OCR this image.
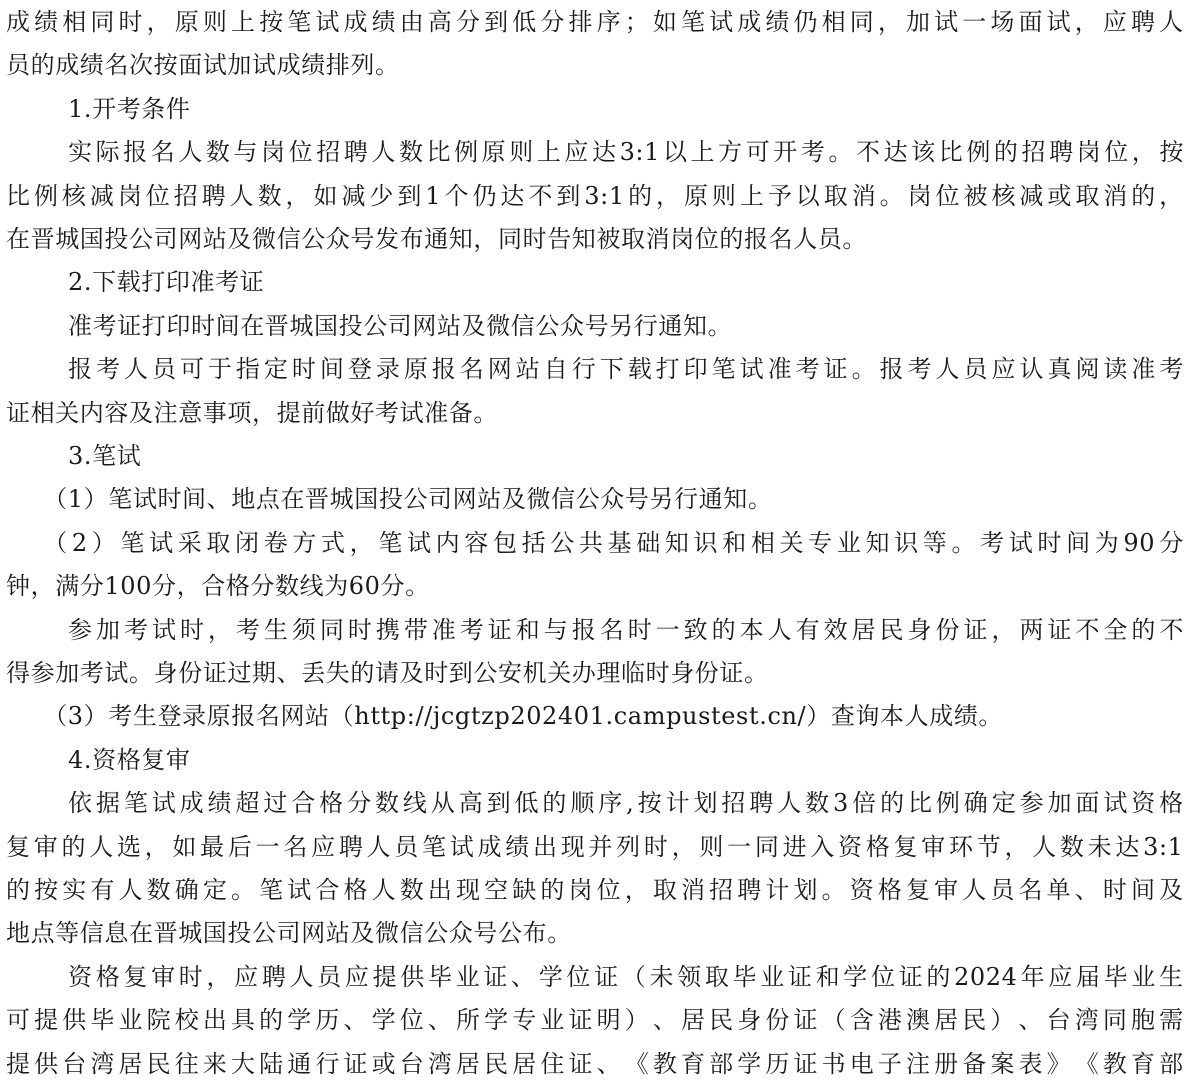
成 绩 相 同 时 ， 原 则 上 按 笔 试 成 绩 由 高 分 到 低 分 排 序 ； 如 笔 试 成 绩 仍 相 同 ， 加 试 一 场 面 试 ， 应 聘 人
员的成绩名次按面试加试成绩排列。
1.开考条件
实 际 报 名 人 数 与 岗 位 招 聘 人 数 比 例 原 则 上 应 达 3:1 以 上 方 可 开 考 。 不 达 该 比 例 的 招 聘 岗 位 ， 按
比 例 核 减 岗 位 招 聘 人 数 ， 如 减 少 到 1 个 仍 达 不 到 3:1 的 ， 原 则 上 予 以 取 消 。 岗 位 被 核 减 或 取 消 的 ，
在晋城国投公司网站及微信公众号发布通知，同时告知被取消岗位的报名人员。
2.下载打印准考证
准考证打印时间在晋城国投公司网站及微信公众号另行通知。
报 考 人 员 可 于 指 定 时 间 登 录 原 报 名 网 站 自 行 下 载 打 印 笔 试 准 考 证 。 报 考 人 员 应 认 真 阅 读 准 考
证相关内容及注意事项，提前做好考试准备。
3.笔试
（1）笔试时间、地点在晋城国投公司网站及微信公众号另行通知。
（ 2 ） 笔 试 采 取 闭 卷 方 式 ， 笔 试 内 容 包 括 公 共 基 础 知 识 和 相 关 专 业 知 识 等 。 考 试 时 间 为 90 分
钟，满分100分，合格分数线为60分。
参 加 考 试 时 ， 考 生 须 同 时 携 带 准 考 证 和 与 报 名 时 一 致 的 本 人 有 效 居 民 身 份 证 ， 两 证 不 全 的 不
得参加考试。身份证过期、丢失的请及时到公安机关办理临时身份证。
（3）考生登录原报名网站（http://jcgtzp202401.campustest.cn/）查询本人成绩。
4.资格复审
依 据 笔 试 成 绩 超 过 合 格 分 数 线 从 高 到 低 的 顺 序 , 按 计 划 招 聘 人 数 3 倍 的 比 例 确 定 参 加 面 试 资 格
复 审 的 人 选 ， 如 最 后 一 名 应 聘 人 员 笔 试 成 绩 出 现 并 列 时 ， 则 一 同 进 入 资 格 复 审 环 节 ， 人 数 未 达 3:1
的 按 实 有 人 数 确 定 。 笔 试 合 格 人 数 出 现 空 缺 的 岗 位 ， 取 消 招 聘 计 划 。 资 格 复 审 人 员 名 单 、 时 间 及
地点等信息在晋城国投公司网站及微信公众号公布。
资 格 复 审 时 ， 应 聘 人 员 应 提 供 毕 业 证 、 学 位 证 （ 未 领 取 毕 业 证 和 学 位 证 的 2024 年 应 届 毕 业 生
可 提 供 毕 业 院 校 出 具 的 学 历 、 学 位 、 所 学 专 业 证 明 ） 、 居 民 身 份 证 （ 含 港 澳 居 民 ） 、 台 湾 同 胞 需
提 供 台 湾 居 民 往 来 大 陆 通 行 证 或 台 湾 居 民 居 住 证 、 《 教 育 部 学 历 证 书 电 子 注 册 备 案 表 》 《 教 育 部
